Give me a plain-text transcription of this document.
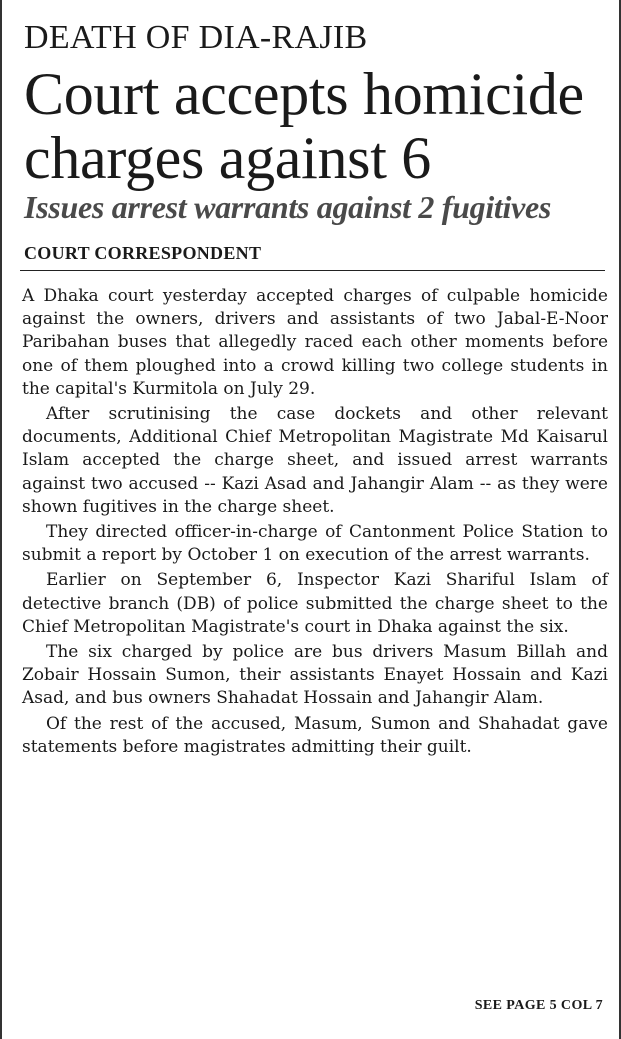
DEATH OF DIA-RAJIB
Court accepts homicide charges against 6
Issues arrest warrants against 2 fugitives
COURT CORRESPONDENT

A Dhaka court yesterday accepted charges of culpable homicide against the owners, drivers and assistants of two Jabal-E-Noor Paribahan buses that allegedly raced each other moments before one of them ploughed into a crowd killing two college students in the capital's Kurmitola on July 29.

After scrutinising the case dockets and other relevant documents, Additional Chief Metropolitan Magistrate Md Kaisarul Islam accepted the charge sheet, and issued arrest warrants against two accused -- Kazi Asad and Jahangir Alam -- as they were shown fugitives in the charge sheet.

They directed officer-in-charge of Cantonment Police Station to submit a report by October 1 on execution of the arrest warrants.

Earlier on September 6, Inspector Kazi Shariful Islam of detective branch (DB) of police submitted the charge sheet to the Chief Metropolitan Magistrate's court in Dhaka against the six.

The six charged by police are bus drivers Masum Billah and Zobair Hossain Sumon, their assistants Enayet Hossain and Kazi Asad, and bus owners Shahadat Hossain and Jahangir Alam.

Of the rest of the accused, Masum, Sumon and Shahadat gave statements before magistrates admitting their guilt.

SEE PAGE 5 COL 7
